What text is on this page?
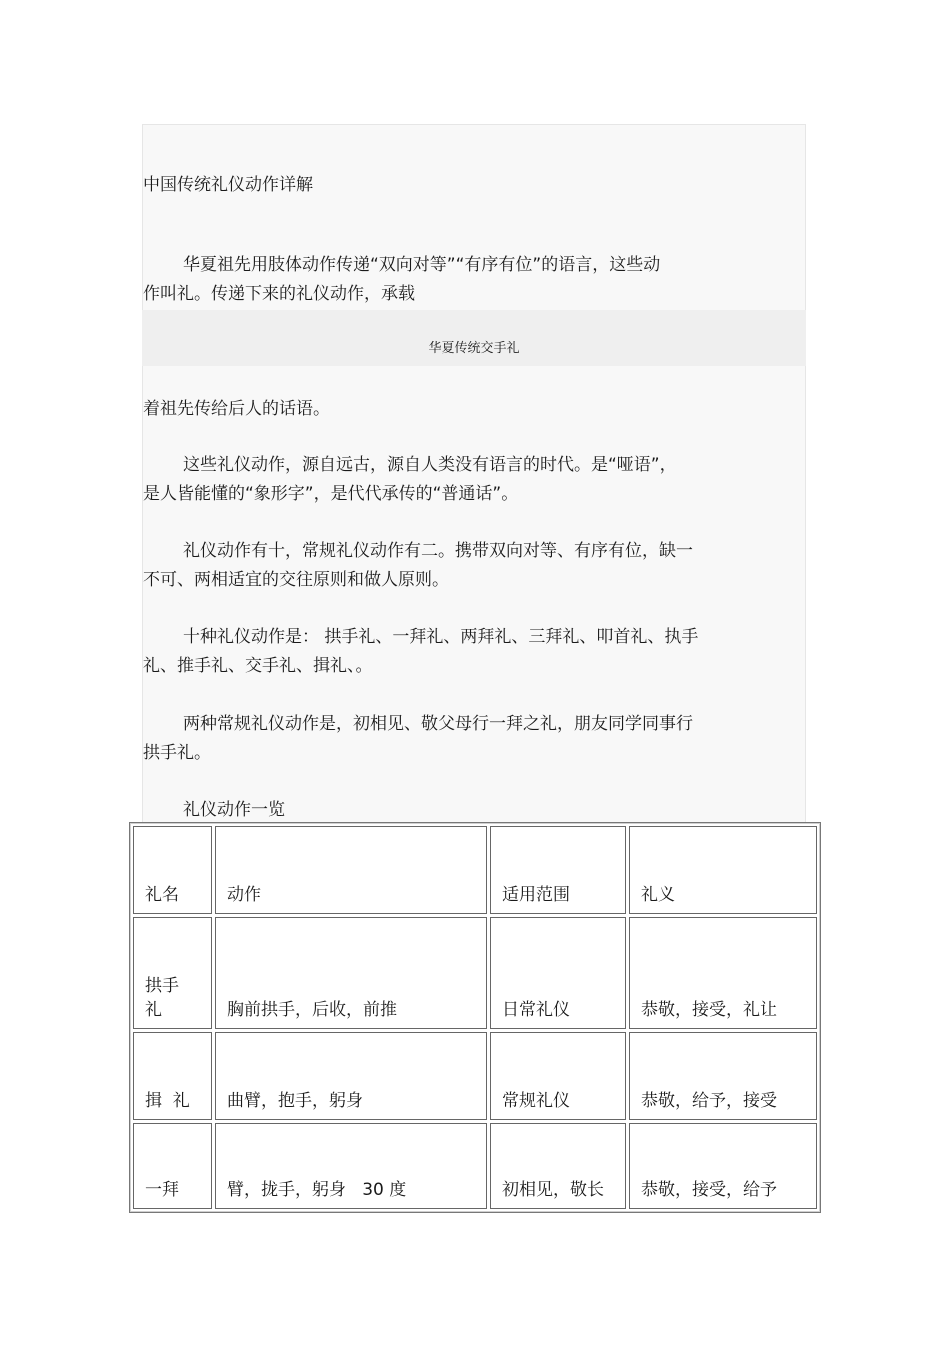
中国传统礼仪动作详解
华夏祖先用肢体动作传递“双向对等”“有序有位”的语言，这些动
作叫礼。传递下来的礼仪动作，承载
华夏传统交手礼
着祖先传给后人的话语。
这些礼仪动作，源自远古，源自人类没有语言的时代。是“哑语”，
是人皆能懂的“象形字”，是代代承传的“普通话”。
礼仪动作有十，常规礼仪动作有二。携带双向对等、有序有位，缺一
不可、两相适宜的交往原则和做人原则。
十种礼仪动作是： 拱手礼、一拜礼、两拜礼、三拜礼、叩首礼、执手
礼、推手礼、交手礼、揖礼、。
两种常规礼仪动作是，初相见、敬父母行一拜之礼，朋友同学同事行
拱手礼。
礼仪动作一览
礼名	动作	适用范围	礼义
拱手礼	胸前拱手，后收，前推	日常礼仪	恭敬，接受，礼让
揖  礼	曲臂，抱手，躬身	常规礼仪	恭敬，给予，接受
一拜	臂，拢手，躬身   30 度	初相见，敬长	恭敬，接受，给予
